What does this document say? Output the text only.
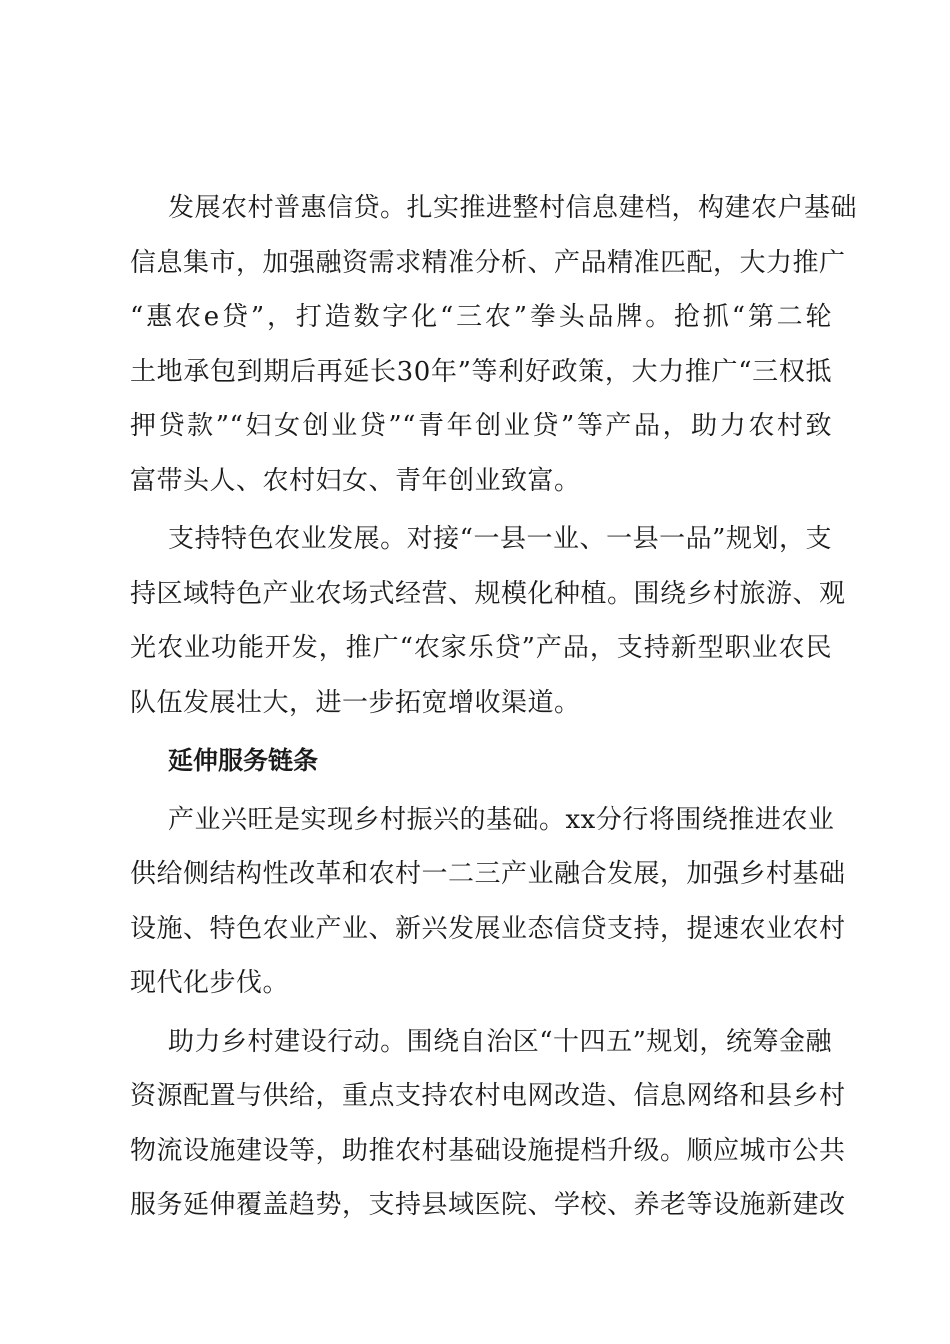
发展农村普惠信贷。扎实推进整村信息建档，构建农户基础
信息集市，加强融资需求精准分析、产品精准匹配，大力推广
“惠农e贷”，打造数字化“三农”拳头品牌。抢抓“第二轮
土地承包到期后再延长30年”等利好政策，大力推广“三权抵
押贷款”“妇女创业贷”“青年创业贷”等产品，助力农村致
富带头人、农村妇女、青年创业致富。
支持特色农业发展。对接“一县一业、一县一品”规划，支
持区域特色产业农场式经营、规模化种植。围绕乡村旅游、观
光农业功能开发，推广“农家乐贷”产品，支持新型职业农民
队伍发展壮大，进一步拓宽增收渠道。
延伸服务链条
产业兴旺是实现乡村振兴的基础。xx分行将围绕推进农业
供给侧结构性改革和农村一二三产业融合发展，加强乡村基础
设施、特色农业产业、新兴发展业态信贷支持，提速农业农村
现代化步伐。
助力乡村建设行动。围绕自治区“十四五”规划，统筹金融
资源配置与供给，重点支持农村电网改造、信息网络和县乡村
物流设施建设等，助推农村基础设施提档升级。顺应城市公共
服务延伸覆盖趋势，支持县域医院、学校、养老等设施新建改
